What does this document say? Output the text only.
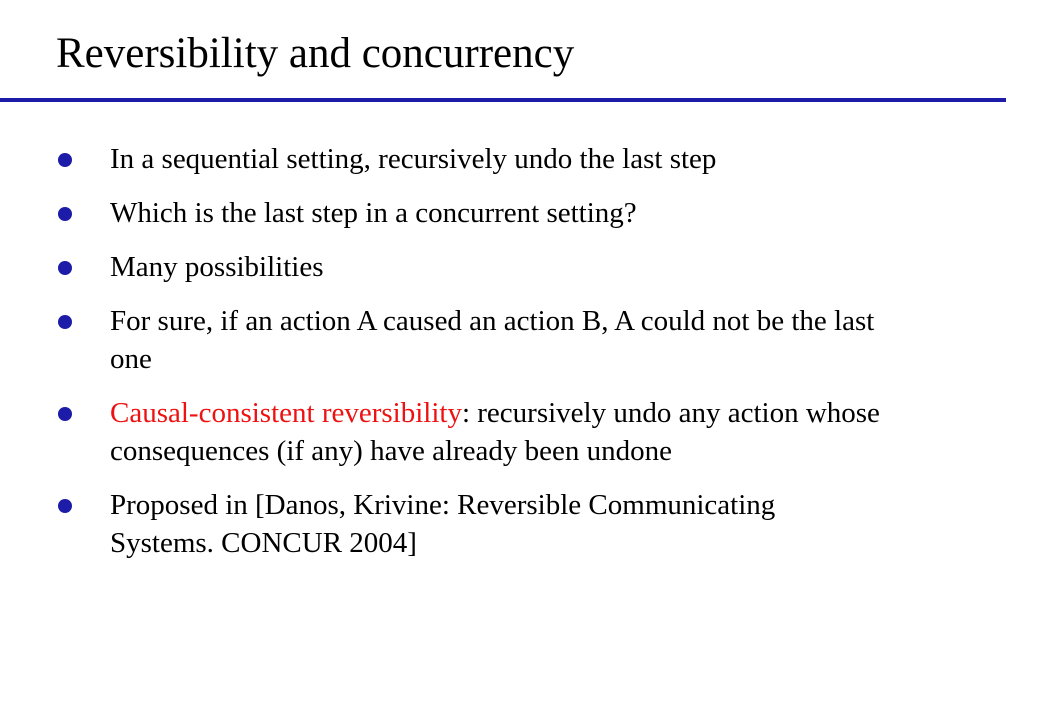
Reversibility and concurrency
In a sequential setting, recursively undo the last step
Which is the last step in a concurrent setting?
Many possibilities
For sure, if an action A caused an action B, A could not be the last one
Causal-consistent reversibility: recursively undo any action whose consequences (if any) have already been undone
Proposed in [Danos, Krivine: Reversible Communicating Systems. CONCUR 2004]
